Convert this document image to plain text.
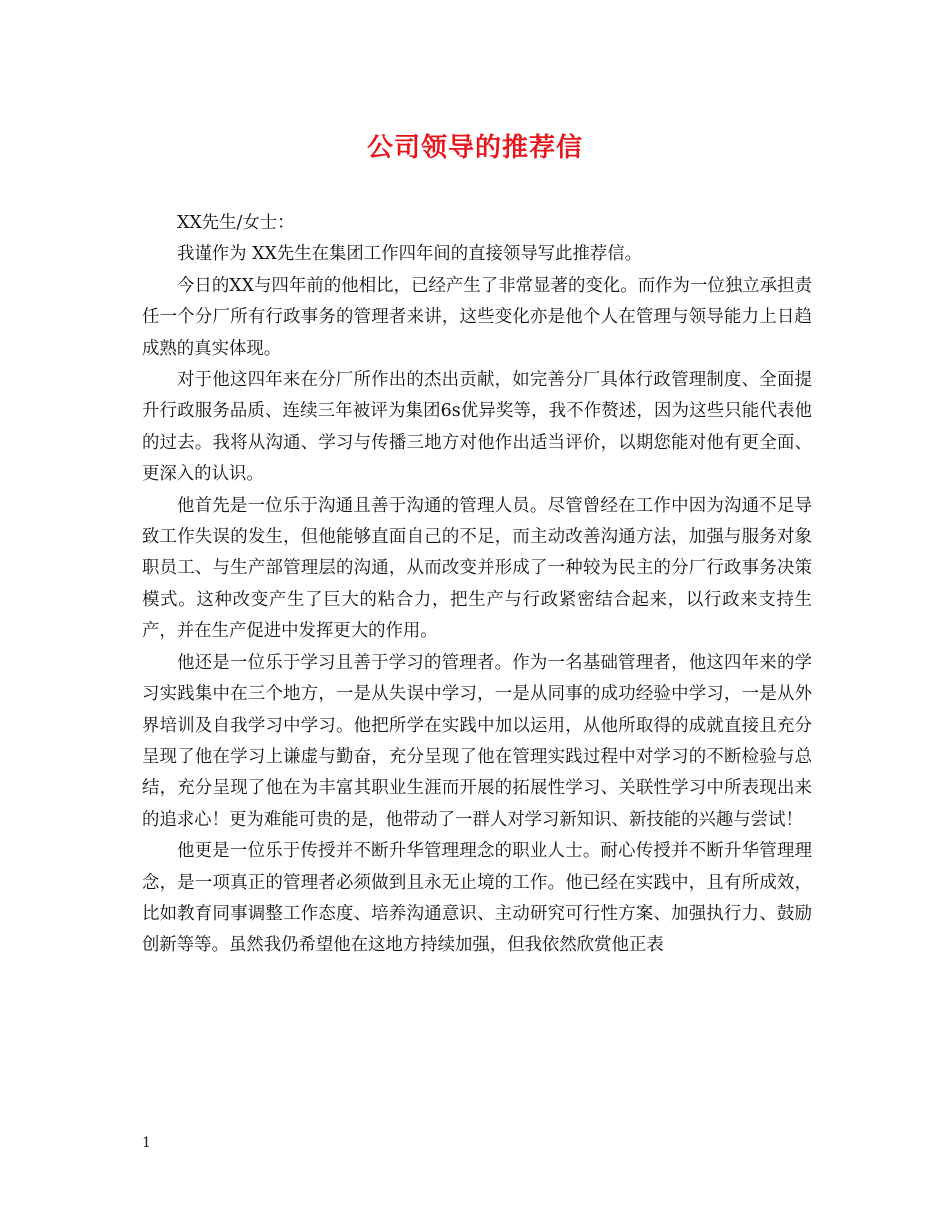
公司领导的推荐信

XX先生/女士：

我谨作为 XX先生在集团工作四年间的直接领导写此推荐信。

今日的XX与四年前的他相比，已经产生了非常显著的变化。而作为一位独立承担责任一个分厂所有行政事务的管理者来讲，这些变化亦是他个人在管理与领导能力上日趋成熟的真实体现。

对于他这四年来在分厂所作出的杰出贡献，如完善分厂具体行政管理制度、全面提升行政服务品质、连续三年被评为集团6s优异奖等，我不作赘述，因为这些只能代表他的过去。我将从沟通、学习与传播三地方对他作出适当评价，以期您能对他有更全面、更深入的认识。

他首先是一位乐于沟通且善于沟通的管理人员。尽管曾经在工作中因为沟通不足导致工作失误的发生，但他能够直面自己的不足，而主动改善沟通方法，加强与服务对象职员工、与生产部管理层的沟通，从而改变并形成了一种较为民主的分厂行政事务决策模式。这种改变产生了巨大的粘合力，把生产与行政紧密结合起来，以行政来支持生产，并在生产促进中发挥更大的作用。

他还是一位乐于学习且善于学习的管理者。作为一名基础管理者，他这四年来的学习实践集中在三个地方，一是从失误中学习，一是从同事的成功经验中学习，一是从外界培训及自我学习中学习。他把所学在实践中加以运用，从他所取得的成就直接且充分呈现了他在学习上谦虚与勤奋，充分呈现了他在管理实践过程中对学习的不断检验与总结，充分呈现了他在为丰富其职业生涯而开展的拓展性学习、关联性学习中所表现出来的追求心！更为难能可贵的是，他带动了一群人对学习新知识、新技能的兴趣与尝试！

他更是一位乐于传授并不断升华管理理念的职业人士。耐心传授并不断升华管理理念，是一项真正的管理者必须做到且永无止境的工作。他已经在实践中，且有所成效，比如教育同事调整工作态度、培养沟通意识、主动研究可行性方案、加强执行力、鼓励创新等等。虽然我仍希望他在这地方持续加强，但我依然欣赏他正表

1
